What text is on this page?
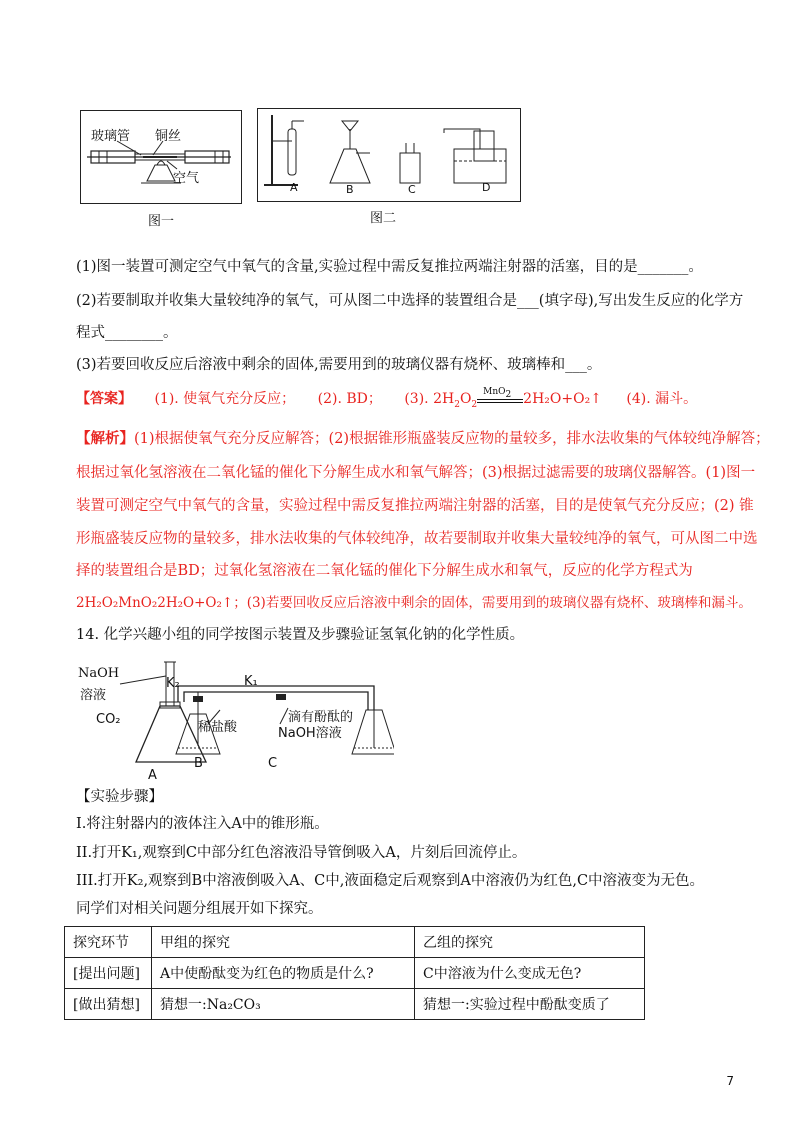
玻璃管 铜丝
空气
图一
A	B	C	D
图二
(1)图一装置可测定空气中氧气的含量,实验过程中需反复推拉两端注射器的活塞，目的是_______。
(2)若要制取并收集大量较纯净的氧气，可从图二中选择的装置组合是___(填字母),写出发生反应的化学方
程式________。
(3)若要回收反应后溶液中剩余的固体,需要用到的玻璃仪器有烧杯、玻璃棒和___。
【答案】 (1). 使氧气充分反应； (2). BD； (3). $2H_2O_2$
MnO$_2$ 2H₂O+O₂↑ (4). 漏斗。
【解析】(1)根据使氧气充分反应解答；(2)根据锥形瓶盛装反应物的量较多，排水法收集的气体较纯净解答；
根据过氧化氢溶液在二氧化锰的催化下分解生成水和氧气解答；(3)根据过滤需要的玻璃仪器解答。(1)图一
装置可测定空气中氧气的含量，实验过程中需反复推拉两端注射器的活塞，目的是使氧气充分反应；(2) 锥
形瓶盛装反应物的量较多，排水法收集的气体较纯净，故若要制取并收集大量较纯净的氧气，可从图二中选
择的装置组合是BD；过氧化氢溶液在二氧化锰的催化下分解生成水和氧气，反应的化学方程式为
2H₂O₂MnO₂2H₂O+O₂↑；(3)若要回收反应后溶液中剩余的固体，需要用到的玻璃仪器有烧杯、玻璃棒和漏斗。
14. 化学兴趣小组的同学按图示装置及步骤验证氢氧化钠的化学性质。
NaOH
溶液
K₂	K₁
滴有酚酞的
NaOH溶液
稀盐酸
CO₂
A
B	C
【实验步骤】
I.将注射器内的液体注入A中的锥形瓶。
II.打开K₁,观察到C中部分红色溶液沿导管倒吸入A，片刻后回流停止。
III.打开K₂,观察到B中溶液倒吸入A、C中,液面稳定后观察到A中溶液仍为红色,C中溶液变为无色。
同学们对相关问题分组展开如下探究。
探究环节	甲组的探究	乙组的探究
[提出问题]	A中使酚酞变为红色的物质是什么?	C中溶液为什么变成无色?
[做出猜想]	猜想一:Na₂CO₃	猜想一:实验过程中酚酞变质了
7
